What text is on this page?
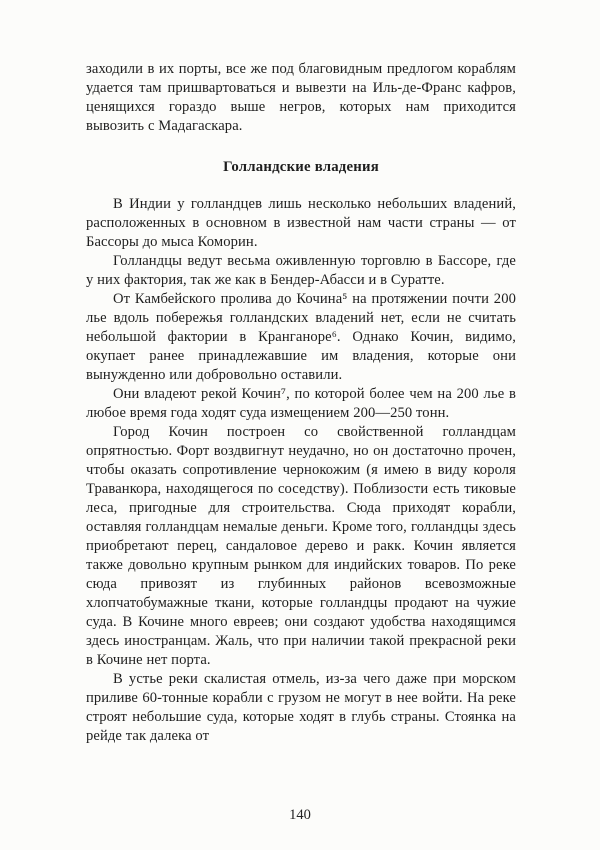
заходили в их порты, все же под благовидным предлогом кораблям удается там пришвартоваться и вывезти на Иль-де-Франс кафров, ценящихся гораздо выше негров, которых нам приходится вывозить с Мадагаскара.

Голландские владения

В Индии у голландцев лишь несколько небольших владений, расположенных в основном в известной нам части страны — от Бассоры до мыса Коморин.

Голландцы ведут весьма оживленную торговлю в Бассоре, где у них фактория, так же как в Бендер-Абасси и в Суратте.

От Камбейского пролива до Кочина⁵ на протяжении почти 200 лье вдоль побережья голландских владений нет, если не считать небольшой фактории в Кранганоре⁶. Однако Кочин, видимо, окупает ранее принадлежавшие им владения, которые они вынужденно или добровольно оставили.

Они владеют рекой Кочин⁷, по которой более чем на 200 лье в любое время года ходят суда измещением 200—250 тонн.

Город Кочин построен со свойственной голландцам опрятностью. Форт воздвигнут неудачно, но он достаточно прочен, чтобы оказать сопротивление чернокожим (я имею в виду короля Траванкора, находящегося по соседству). Поблизости есть тиковые леса, пригодные для строительства. Сюда приходят корабли, оставляя голландцам немалые деньги. Кроме того, голландцы здесь приобретают перец, сандаловое дерево и ракк. Кочин является также довольно крупным рынком для индийских товаров. По реке сюда привозят из глубинных районов всевозможные хлопчатобумажные ткани, которые голландцы продают на чужие суда. В Кочине много евреев; они создают удобства находящимся здесь иностранцам. Жаль, что при наличии такой прекрасной реки в Кочине нет порта.

В устье реки скалистая отмель, из-за чего даже при морском приливе 60-тонные корабли с грузом не могут в нее войти. На реке строят небольшие суда, которые ходят в глубь страны. Стоянка на рейде так далека от

140
